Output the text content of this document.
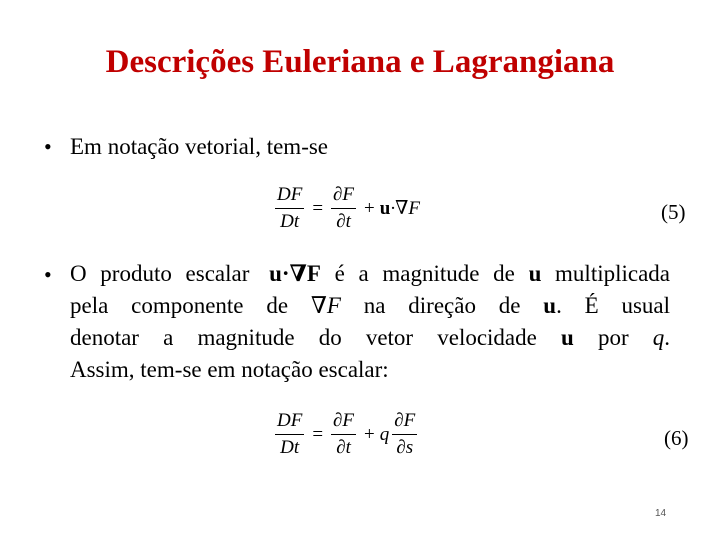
Descrições Euleriana e Lagrangiana
• Em notação vetorial, tem-se
$\frac{DF}{Dt} = \frac{\partial F}{\partial t} + u \cdot\nabla F$	(5)
• O produto escalar u·∇F é a magnitude de u multiplicada
pela componente de ∇F na direção de u. É usual
denotar a magnitude do vetor velocidade u por q.
Assim, tem-se em notação escalar:
$\frac{DF}{Dt} = \frac{\partial F}{\partial t} + q \frac{\partial F}{\partial s}$	(6)
14
